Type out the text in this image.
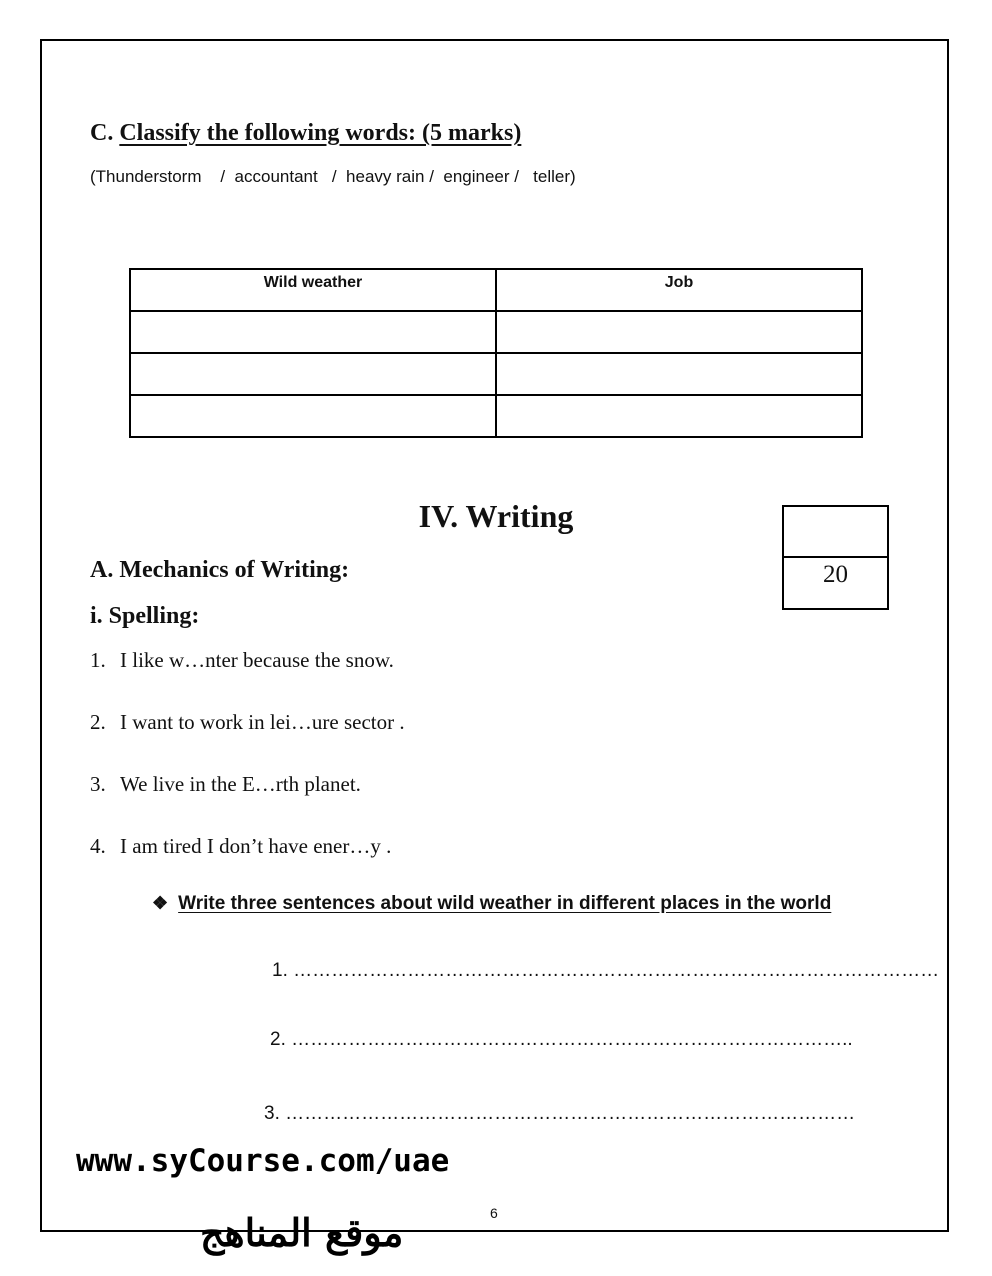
C. Classify the following words: (5 marks)
(Thunderstorm    /  accountant   /  heavy rain /  engineer /   teller)
Wild weather	Job

IV. Writing
20
A. Mechanics of Writing:
i. Spelling:
1. I like w…nter because the snow.
2. I want to work in lei…ure sector .
3. We live in the E…rth planet.
4. I am tired I don’t have ener…y .
❖ Write three sentences about wild weather in different places in the world
1. …………………………………………………………………………………………
2. ……………………………………………………………………………..
3. ………………………………………………………………………………
www.syCourse.com/uae
6
موقع المناهج
